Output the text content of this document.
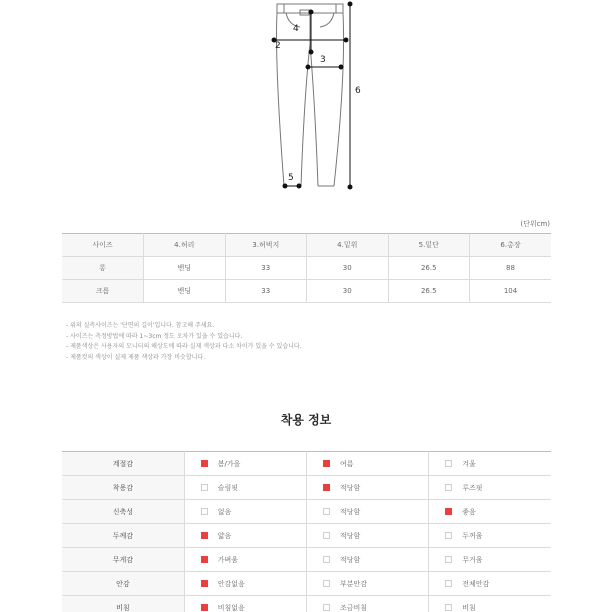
4
2
3
6
5
(단위cm)
사이즈	4.허리	3.허벅지	4.밑위	5.밑단	6.총장
롱	밴딩	33	30	26.5	88
크롭	밴딩	33	30	26.5	104
- 위의 실측사이즈는 '단면의 길이'입니다. 참고해 주세요.
- 사이즈는 측정방법에 따라 1~3cm 정도 오차가 있을 수 있습니다.
- 제품색상은 사용자의 모니터의 해상도에 따라 실제 색상과 다소 차이가 있을 수 있습니다.
- 제품컷의 색상이 실제 제품 색상과 가장 비슷합니다.
착용 정보
계절감	봄/가을	여름	겨울
착용감	슬림핏	적당함	루즈핏
신축성	없음	적당함	좋음
두께감	얇음	적당함	두꺼움
무게감	가벼움	적당함	무거움
안감	안감없음	부분안감	전체안감
비침	비침없음	조금비침	비침
